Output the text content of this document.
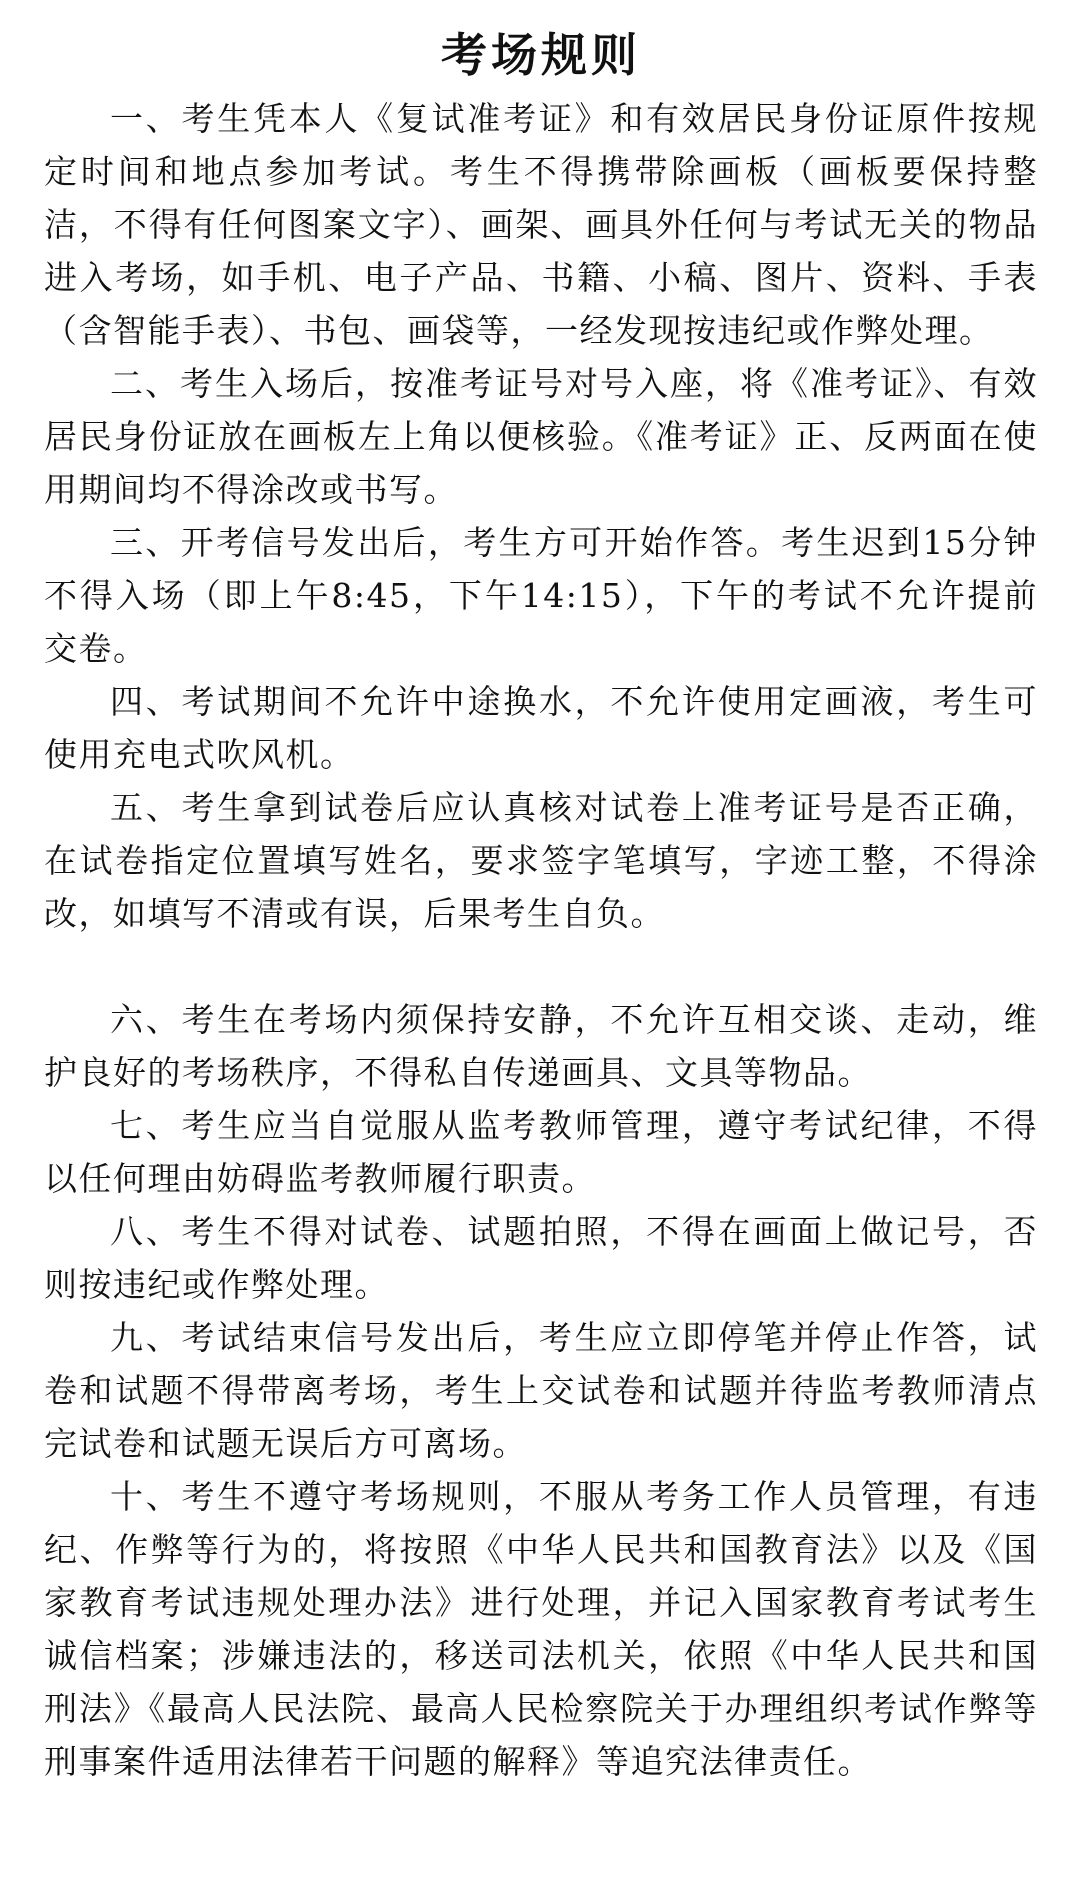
考场规则

一、考生凭本人《复试准考证》和有效居民身份证原件按规定时间和地点参加考试。考生不得携带除画板（画板要保持整洁，不得有任何图案文字）、画架、画具外任何与考试无关的物品进入考场，如手机、电子产品、书籍、小稿、图片、资料、手表（含智能手表）、书包、画袋等，一经发现按违纪或作弊处理。

二、考生入场后，按准考证号对号入座，将《准考证》、有效居民身份证放在画板左上角以便核验。《准考证》正、反两面在使用期间均不得涂改或书写。

三、开考信号发出后，考生方可开始作答。考生迟到15分钟不得入场（即上午8:45，下午14:15），下午的考试不允许提前交卷。

四、考试期间不允许中途换水，不允许使用定画液，考生可使用充电式吹风机。

五、考生拿到试卷后应认真核对试卷上准考证号是否正确，在试卷指定位置填写姓名，要求签字笔填写，字迹工整，不得涂改，如填写不清或有误，后果考生自负。

六、考生在考场内须保持安静，不允许互相交谈、走动，维护良好的考场秩序，不得私自传递画具、文具等物品。

七、考生应当自觉服从监考教师管理，遵守考试纪律，不得以任何理由妨碍监考教师履行职责。

八、考生不得对试卷、试题拍照，不得在画面上做记号，否则按违纪或作弊处理。

九、考试结束信号发出后，考生应立即停笔并停止作答，试卷和试题不得带离考场，考生上交试卷和试题并待监考教师清点完试卷和试题无误后方可离场。

十、考生不遵守考场规则，不服从考务工作人员管理，有违纪、作弊等行为的，将按照《中华人民共和国教育法》以及《国家教育考试违规处理办法》进行处理，并记入国家教育考试考生诚信档案；涉嫌违法的，移送司法机关，依照《中华人民共和国刑法》《最高人民法院、最高人民检察院关于办理组织考试作弊等刑事案件适用法律若干问题的解释》等追究法律责任。
